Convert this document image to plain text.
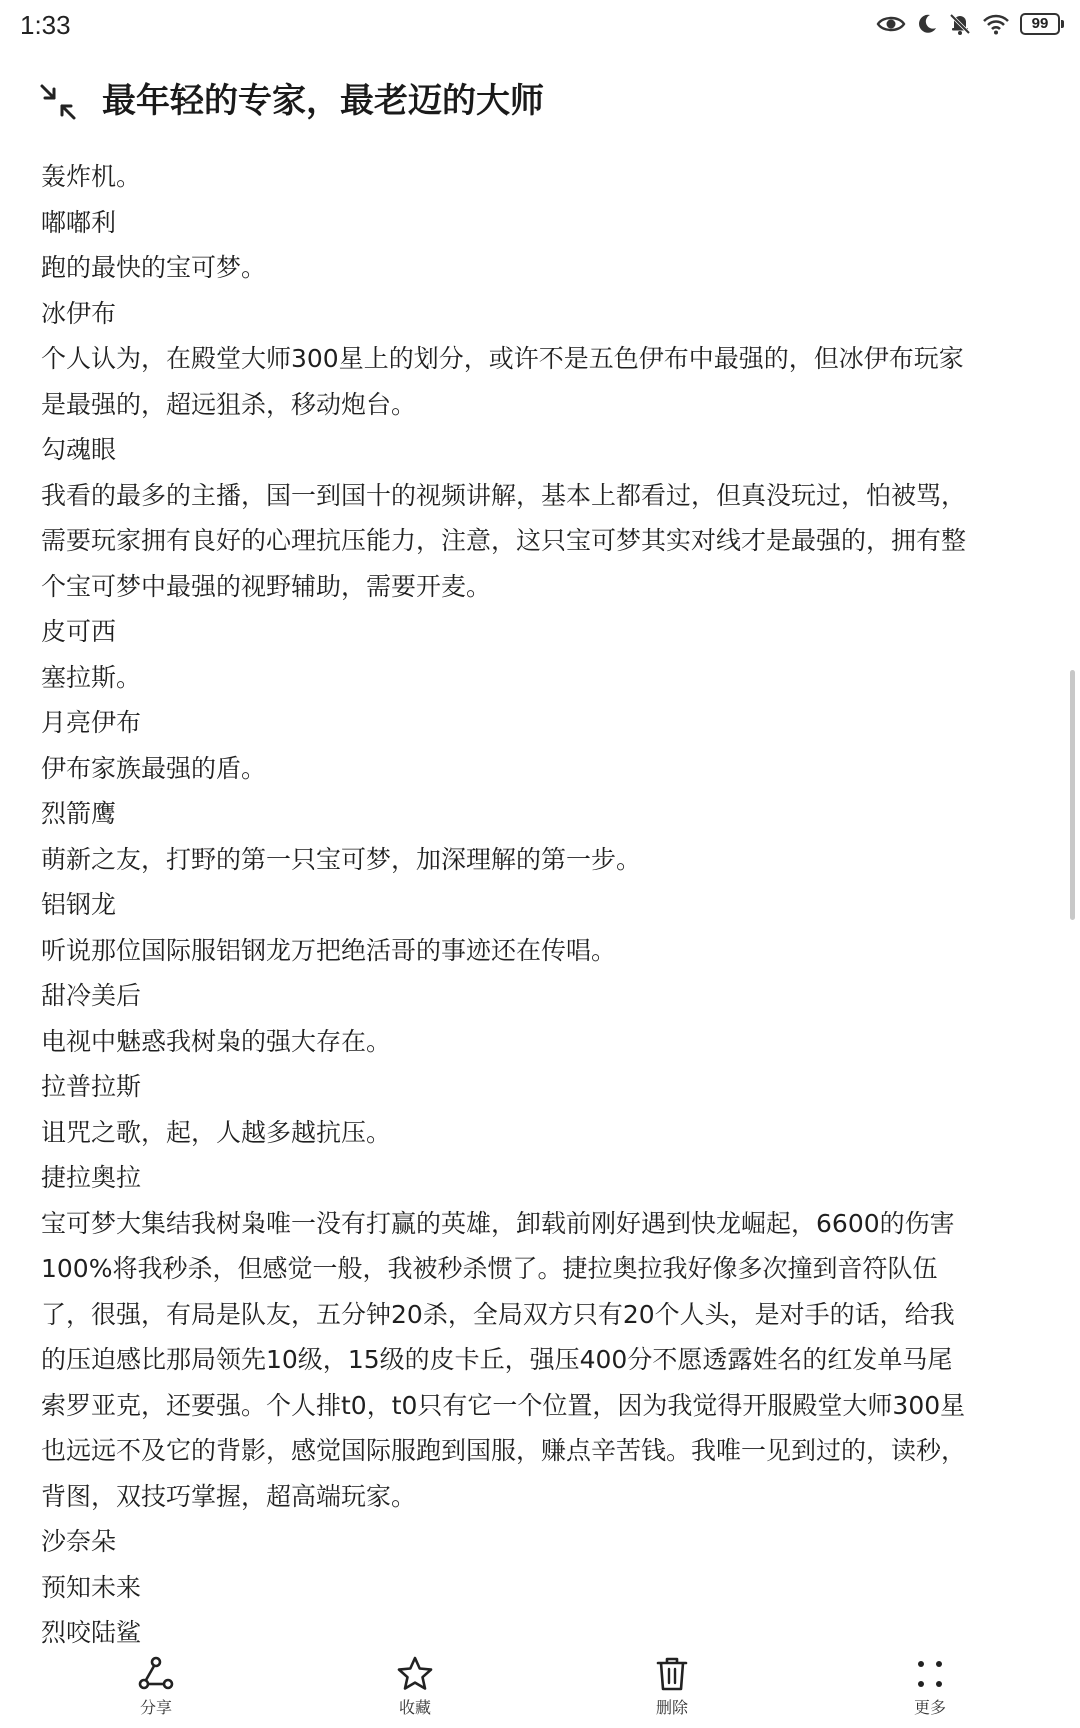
1:33	99
最年轻的专家，最老迈的大师
轰炸机。
嘟嘟利
跑的最快的宝可梦。
冰伊布
个人认为，在殿堂大师300星上的划分，或许不是五色伊布中最强的，但冰伊布玩家
是最强的，超远狙杀，移动炮台。
勾魂眼
我看的最多的主播，国一到国十的视频讲解，基本上都看过，但真没玩过，怕被骂，
需要玩家拥有良好的心理抗压能力，注意，这只宝可梦其实对线才是最强的，拥有整
个宝可梦中最强的视野辅助，需要开麦。
皮可西
塞拉斯。
月亮伊布
伊布家族最强的盾。
烈箭鹰
萌新之友，打野的第一只宝可梦，加深理解的第一步。
铝钢龙
听说那位国际服铝钢龙万把绝活哥的事迹还在传唱。
甜冷美后
电视中魅惑我树枭的强大存在。
拉普拉斯
诅咒之歌，起，人越多越抗压。
捷拉奥拉
宝可梦大集结我树枭唯一没有打赢的英雄，卸载前刚好遇到快龙崛起，6600的伤害
100%将我秒杀，但感觉一般，我被秒杀惯了。捷拉奥拉我好像多次撞到音符队伍
了，很强，有局是队友，五分钟20杀，全局双方只有20个人头，是对手的话，给我
的压迫感比那局领先10级，15级的皮卡丘，强压400分不愿透露姓名的红发单马尾
索罗亚克，还要强。个人排t0，t0只有它一个位置，因为我觉得开服殿堂大师300星
也远远不及它的背影，感觉国际服跑到国服，赚点辛苦钱。我唯一见到过的，读秒，
背图，双技巧掌握，超高端玩家。
沙奈朵
预知未来
烈咬陆鲨
分享	收藏	删除	更多
